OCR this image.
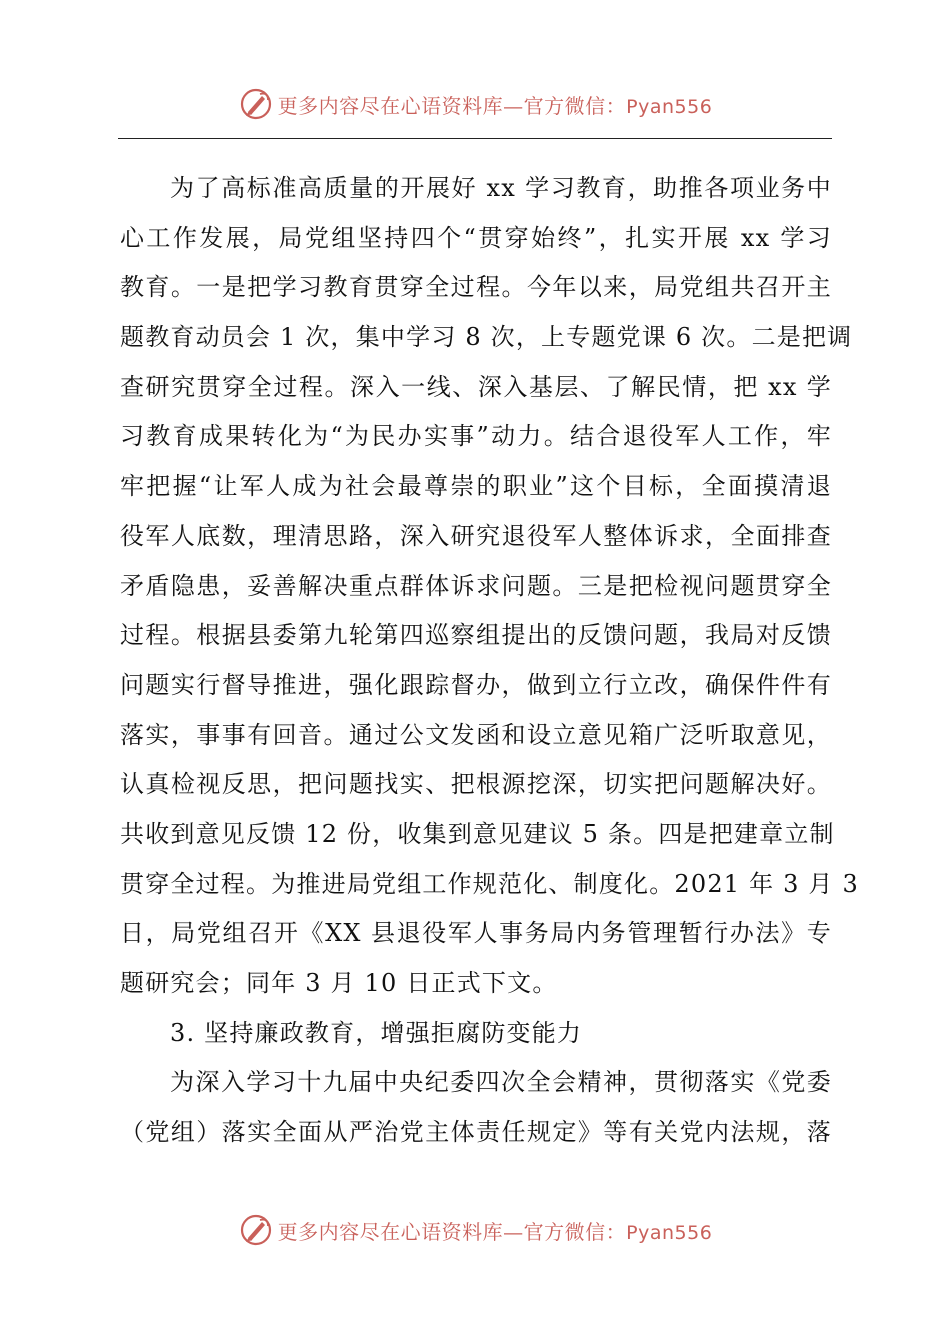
更多内容尽在心语资料库—官方微信：Pyan556
为了高标准高质量的开展好 xx 学习教育，助推各项业务中
心工作发展，局党组坚持四个“贯穿始终”，扎实开展 xx 学习
教育。一是把学习教育贯穿全过程。今年以来，局党组共召开主
题教育动员会 1 次，集中学习 8 次，上专题党课 6 次。二是把调
查研究贯穿全过程。深入一线、深入基层、了解民情，把 xx 学
习教育成果转化为“为民办实事”动力。结合退役军人工作，牢
牢把握“让军人成为社会最尊崇的职业”这个目标，全面摸清退
役军人底数，理清思路，深入研究退役军人整体诉求，全面排查
矛盾隐患，妥善解决重点群体诉求问题。三是把检视问题贯穿全
过程。根据县委第九轮第四巡察组提出的反馈问题，我局对反馈
问题实行督导推进，强化跟踪督办，做到立行立改，确保件件有
落实，事事有回音。通过公文发函和设立意见箱广泛听取意见，
认真检视反思，把问题找实、把根源挖深，切实把问题解决好。
共收到意见反馈 12 份，收集到意见建议 5 条。四是把建章立制
贯穿全过程。为推进局党组工作规范化、制度化。2021 年 3 月 3
日，局党组召开《XX 县退役军人事务局内务管理暂行办法》专
题研究会；同年 3 月 10 日正式下文。
3. 坚持廉政教育，增强拒腐防变能力
为深入学习十九届中央纪委四次全会精神，贯彻落实《党委
（党组）落实全面从严治党主体责任规定》等有关党内法规，落
更多内容尽在心语资料库—官方微信：Pyan556
